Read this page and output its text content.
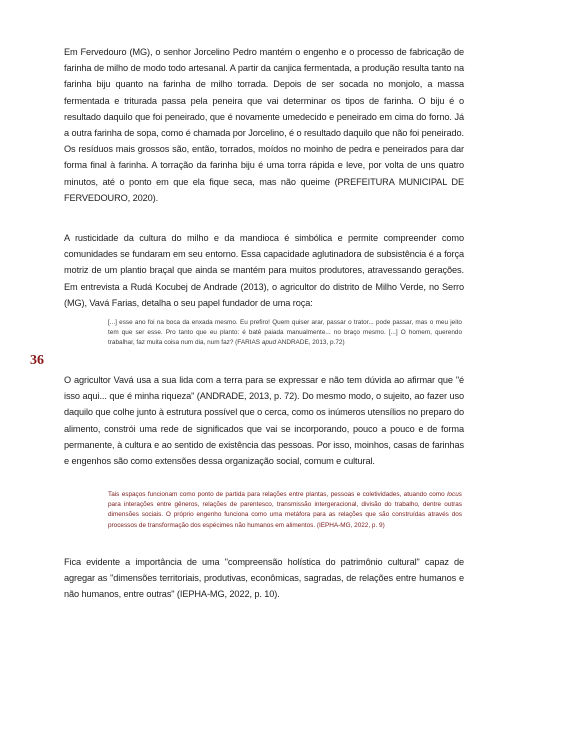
36

Em Fervedouro (MG), o senhor Jorcelino Pedro mantém o engenho e o processo de fabricação de farinha de milho de modo todo artesanal. A partir da canjica fermentada, a produção resulta tanto na farinha biju quanto na farinha de milho torrada. Depois de ser socada no monjolo, a massa fermentada e triturada passa pela peneira que vai determinar os tipos de farinha. O biju é o resultado daquilo que foi peneirado, que é novamente umedecido e peneirado em cima do forno. Já a outra farinha de sopa, como é chamada por Jorcelino, é o resultado daquilo que não foi peneirado. Os resíduos mais grossos são, então, torrados, moídos no moinho de pedra e peneirados para dar forma final à farinha. A torração da farinha biju é uma torra rápida e leve, por volta de uns quatro minutos, até o ponto em que ela fique seca, mas não queime (PREFEITURA MUNICIPAL DE FERVEDOURO, 2020).

A rusticidade da cultura do milho e da mandioca é simbólica e permite compreender como comunidades se fundaram em seu entorno. Essa capacidade aglutinadora de subsistência é a força motriz de um plantio braçal que ainda se mantém para muitos produtores, atravessando gerações. Em entrevista a Rudá Kocubej de Andrade (2013), o agricultor do distrito de Milho Verde, no Serro (MG), Vavá Farias, detalha o seu papel fundador de uma roça:

[...] esse ano foi na boca da enxada mesmo. Eu prefiro! Quem quiser arar, passar o trator... pode passar, mas o meu jeito tem que ser esse. Pro tanto que eu planto: é batê paiada manualmente... no braço mesmo. [...] O homem, querendo trabalhar, faz muita coisa num dia, num faz? (FARIAS apud ANDRADE, 2013, p.72)

O agricultor Vavá usa a sua lida com a terra para se expressar e não tem dúvida ao afirmar que "é isso aqui... que é minha riqueza" (ANDRADE, 2013, p. 72). Do mesmo modo, o sujeito, ao fazer uso daquilo que colhe junto à estrutura possível que o cerca, como os inúmeros utensílios no preparo do alimento, constrói uma rede de significados que vai se incorporando, pouco a pouco e de forma permanente, à cultura e ao sentido de existência das pessoas. Por isso, moinhos, casas de farinhas e engenhos são como extensões dessa organização social, comum e cultural.

Tais espaços funcionam como ponto de partida para relações entre plantas, pessoas e coletividades, atuando como locus para interações entre gêneros, relações de parentesco, transmissão intergeracional, divisão do trabalho, dentre outras dimensões sociais. O próprio engenho funciona como uma metáfora para as relações que são construídas através dos processos de transformação dos espécimes não humanos em alimentos. (IEPHA-MG, 2022, p. 9)

Fica evidente a importância de uma "compreensão holística do patrimônio cultural" capaz de agregar as "dimensões territoriais, produtivas, econômicas, sagradas, de relações entre humanos e não humanos, entre outras" (IEPHA-MG, 2022, p. 10).
